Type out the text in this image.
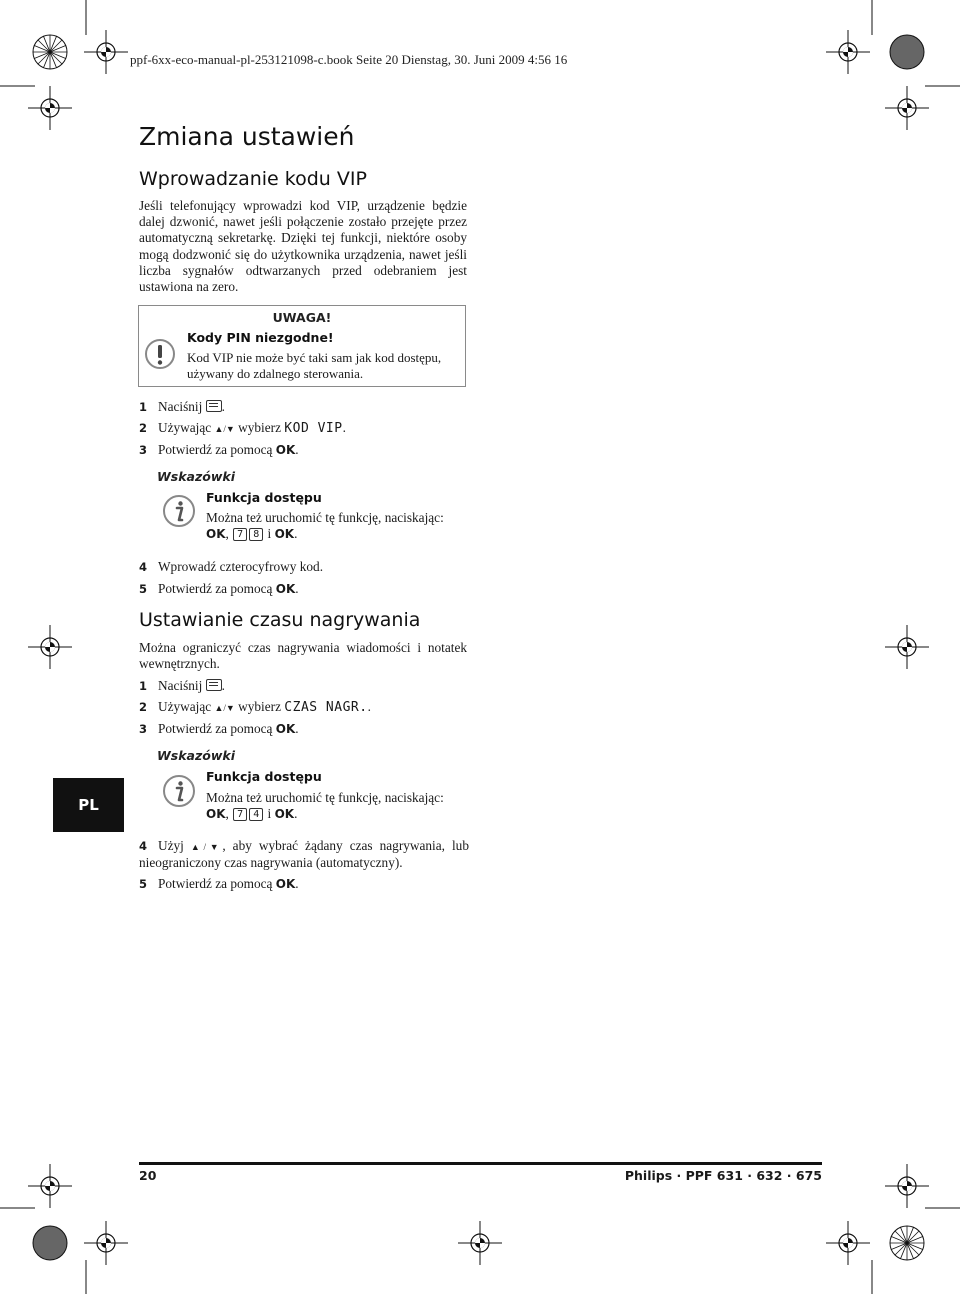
ppf-6xx-eco-manual-pl-253121098-c.book Seite 20 Dienstag, 30. Juni 2009 4:56 16
Zmiana ustawień
Wprowadzanie kodu VIP
Jeśli telefonujący wprowadzi kod VIP, urządzenie będzie dalej dzwonić, nawet jeśli połączenie zostało przejęte przez automatyczną sekretarkę. Dzięki tej funkcji, niektóre osoby mogą dodzwonić się do użytkownika urządzenia, nawet jeśli liczba sygnałów odtwarzanych przed odebraniem jest ustawiona na zero.
UWAGA!
Kody PIN niezgodne!
Kod VIP nie może być taki sam jak kod dostępu, używany do zdalnego sterowania.
1 Naciśnij .
2 Używając ▲/▼ wybierz KOD VIP.
3 Potwierdź za pomocą OK.
Wskazówki
Funkcja dostępu
Można też uruchomić tę funkcję, naciskając:
OK, 7 8 i OK.
4 Wprowadź czterocyfrowy kod.
5 Potwierdź za pomocą OK.
Ustawianie czasu nagrywania
Można ograniczyć czas nagrywania wiadomości i notatek wewnętrznych.
1 Naciśnij .
2 Używając ▲/▼ wybierz CZAS NAGR..
3 Potwierdź za pomocą OK.
Wskazówki
Funkcja dostępu
Można też uruchomić tę funkcję, naciskając:
OK, 7 4 i OK.
4 Użyj ▲/▼, aby wybrać żądany czas nagrywania, lub nieograniczony czas nagrywania (automatyczny).
5 Potwierdź za pomocą OK.
PL
20	Philips · PPF 631 · 632 · 675
